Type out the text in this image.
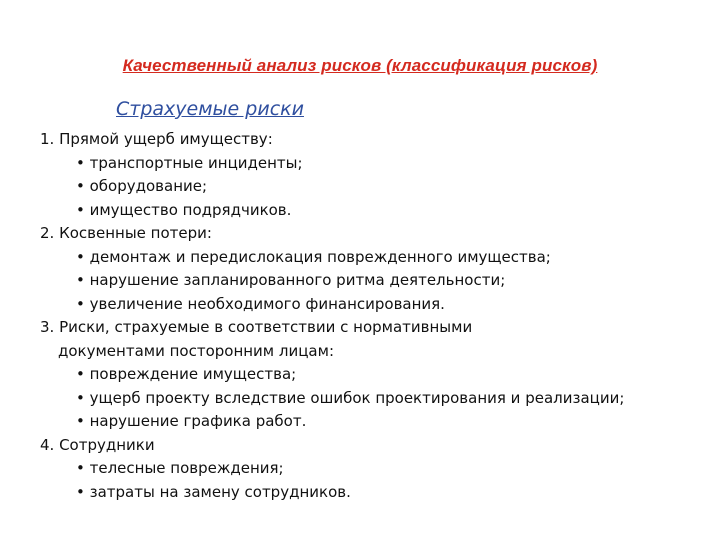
Качественный анализ рисков (классификация рисков)
Страхуемые риски
1. Прямой ущерб имуществу:
• транспортные инциденты;
• оборудование;
• имущество подрядчиков.
2. Косвенные потери:
• демонтаж и передислокация поврежденного имущества;
• нарушение запланированного ритма деятельности;
• увеличение необходимого финансирования.
3. Риски, страхуемые в соответствии с нормативными
документами посторонним лицам:
• повреждение имущества;
• ущерб проекту вследствие ошибок проектирования и реализации;
• нарушение графика работ.
4. Сотрудники
• телесные повреждения;
• затраты на замену сотрудников.
